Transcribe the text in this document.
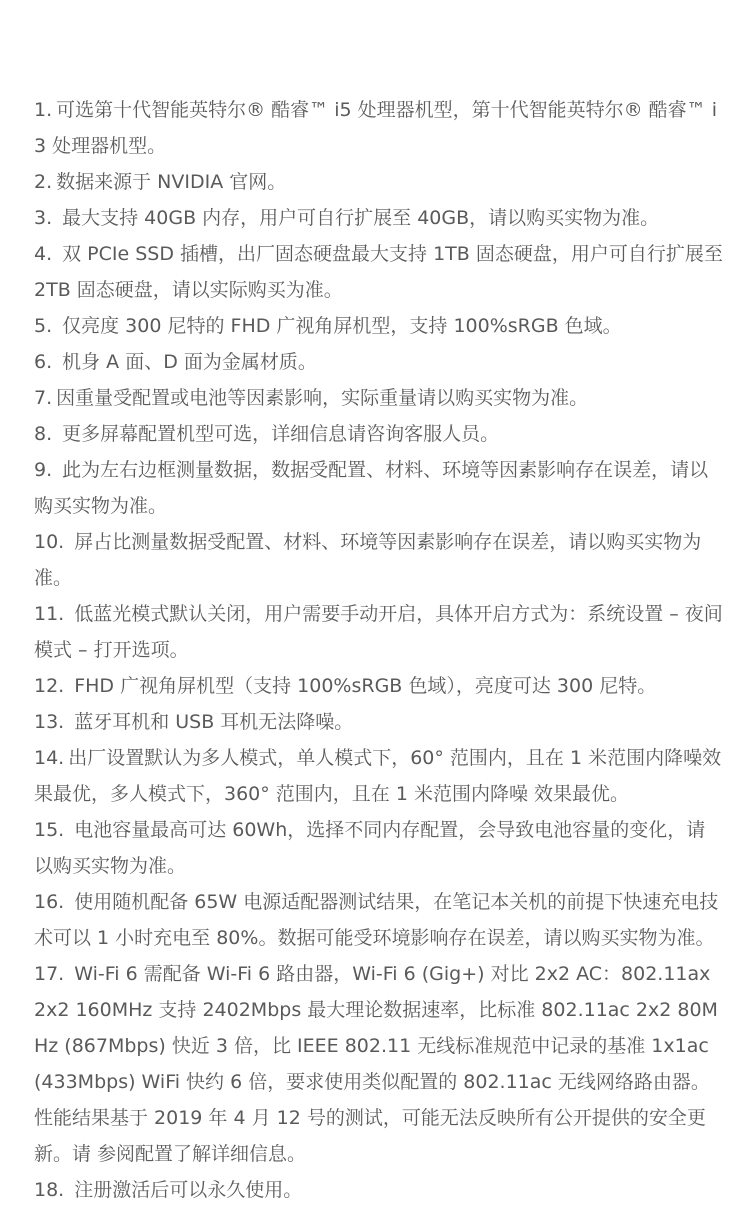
1. 可选第十代智能英特尔® 酷睿™ i5 处理器机型，第十代智能英特尔® 酷睿™ i3 处理器机型。
2. 数据来源于 NVIDIA 官网。
3. 最大支持 40GB 内存，用户可自行扩展至 40GB，请以购买实物为准。
4. 双 PCIe SSD 插槽，出厂固态硬盘最大支持 1TB 固态硬盘，用户可自行扩展至 2TB 固态硬盘，请以实际购买为准。
5. 仅亮度 300 尼特的 FHD 广视角屏机型，支持 100%sRGB 色域。
6. 机身 A 面、D 面为金属材质。
7. 因重量受配置或电池等因素影响，实际重量请以购买实物为准。
8. 更多屏幕配置机型可选，详细信息请咨询客服人员。
9. 此为左右边框测量数据，数据受配置、材料、环境等因素影响存在误差，请以购买实物为准。
10. 屏占比测量数据受配置、材料、环境等因素影响存在误差，请以购买实物为准。
11. 低蓝光模式默认关闭，用户需要手动开启，具体开启方式为：系统设置 – 夜间模式 – 打开选项。
12. FHD 广视角屏机型（支持 100%sRGB 色域），亮度可达 300 尼特。
13. 蓝牙耳机和 USB 耳机无法降噪。
14. 出厂设置默认为多人模式，单人模式下，60° 范围内，且在 1 米范围内降噪效果最优，多人模式下，360° 范围内，且在 1 米范围内降噪 效果最优。
15. 电池容量最高可达 60Wh，选择不同内存配置，会导致电池容量的变化，请以购买实物为准。
16. 使用随机配备 65W 电源适配器测试结果，在笔记本关机的前提下快速充电技术可以 1 小时充电至 80%。数据可能受环境影响存在误差，请以购买实物为准。
17. Wi-Fi 6 需配备 Wi-Fi 6 路由器，Wi-Fi 6 (Gig+) 对比 2x2 AC：802.11ax 2x2 160MHz 支持 2402Mbps 最大理论数据速率，比标准 802.11ac 2x2 80MHz (867Mbps) 快近 3 倍，比 IEEE 802.11 无线标准规范中记录的基准 1x1ac (433Mbps) WiFi 快约 6 倍，要求使用类似配置的 802.11ac 无线网络路由器。性能结果基于 2019 年 4 月 12 号的测试，可能无法反映所有公开提供的安全更新。请 参阅配置了解详细信息。
18. 注册激活后可以永久使用。
